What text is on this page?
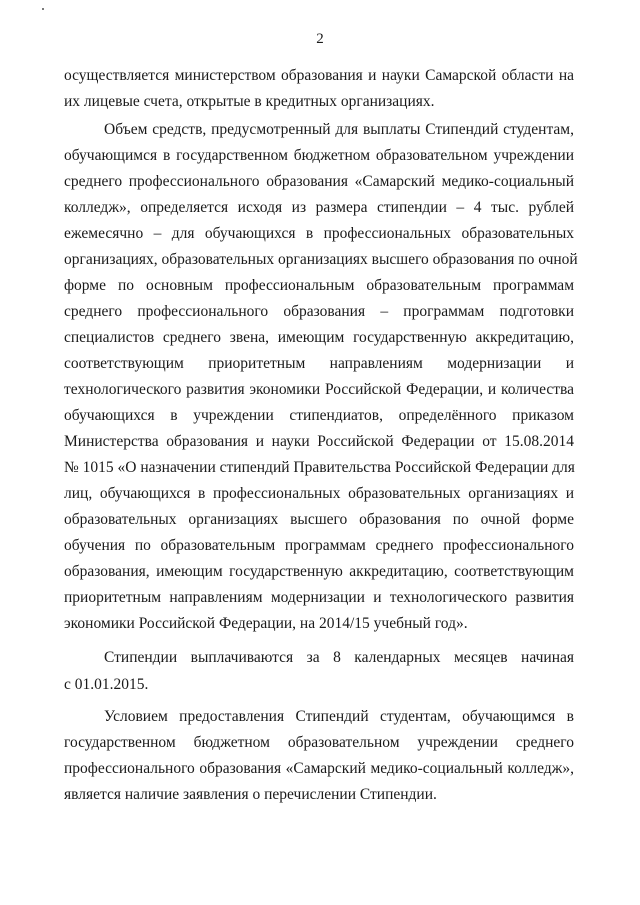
2
осуществляется министерством образования и науки Самарской области на
их лицевые счета, открытые в кредитных организациях.
Объем средств, предусмотренный для выплаты Стипендий студентам,
обучающимся в государственном бюджетном образовательном учреждении
среднего профессионального образования «Самарский медико-социальный
колледж», определяется исходя из размера стипендии – 4 тыс. рублей
ежемесячно – для обучающихся в профессиональных образовательных
организациях, образовательных организациях высшего образования по очной
форме по основным профессиональным образовательным программам
среднего профессионального образования – программам подготовки
специалистов среднего звена, имеющим государственную аккредитацию,
соответствующим приоритетным направлениям модернизации и
технологического развития экономики Российской Федерации, и количества
обучающихся в учреждении стипендиатов, определённого приказом
Министерства образования и науки Российской Федерации от 15.08.2014
№ 1015 «О назначении стипендий Правительства Российской Федерации для
лиц, обучающихся в профессиональных образовательных организациях и
образовательных организациях высшего образования по очной форме
обучения по образовательным программам среднего профессионального
образования, имеющим государственную аккредитацию, соответствующим
приоритетным направлениям модернизации и технологического развития
экономики Российской Федерации, на 2014/15 учебный год».
Стипендии выплачиваются за 8 календарных месяцев начиная
с 01.01.2015.
Условием предоставления Стипендий студентам, обучающимся в
государственном бюджетном образовательном учреждении среднего
профессионального образования «Самарский медико-социальный колледж»,
является наличие заявления о перечислении Стипендии.
